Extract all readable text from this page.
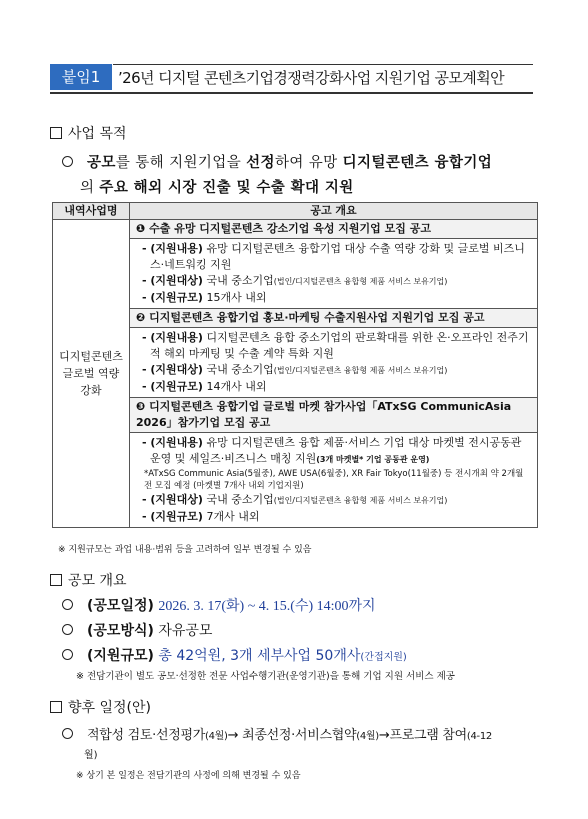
붙임1	’26년 디지털 콘텐츠기업경쟁력강화사업 지원기업 공모계획안
사업 목적
공모를 통해 지원기업을 선정하여 유망 디지털콘텐츠 융합기업
의 주요 해외 시장 진출 및 수출 확대 지원
내역사업명	공고 개요
디지털콘텐츠
글로벌 역량
강화	❶ 수출 유망 디지털콘텐츠 강소기업 육성 지원기업 모집 공고

	- (지원내용) 유망 디지털콘텐츠 융합기업 대상 수출 역량 강화 및 글로벌 비즈니스·네트워킹 지원
- (지원대상) 국내 중소기업(법인/디지털콘텐츠 융합형 제품 서비스 보유기업)
- (지원규모) 15개사 내외

	❷ 디지털콘텐츠 융합기업 홍보·마케팅 수출지원사업 지원기업 모집 공고

	- (지원내용) 디지털콘텐츠 융합 중소기업의 판로확대를 위한 온·오프라인 전주기적 해외 마케팅 및 수출 계약 특화 지원
- (지원대상) 국내 중소기업(법인/디지털콘텐츠 융합형 제품 서비스 보유기업)
- (지원규모) 14개사 내외

	❸ 디지털콘텐츠 융합기업 글로벌 마켓 참가사업「ATxSG CommunicAsia 2026」참가기업 모집 공고

	- (지원내용) 유망 디지털콘텐츠 융합 제품·서비스 기업 대상 마켓별 전시공동관 운영 및 세일즈·비즈니스 매칭 지원(3개 마켓별* 기업 공동관 운영)
*ATxSG Communic Asia(5월중), AWE USA(6월중), XR Fair Tokyo(11월중) 등 전시개최 약 2개월전 모집 예정 (마켓별 7개사 내외 기업지원)
- (지원대상) 국내 중소기업(법인/디지털콘텐츠 융합형 제품 서비스 보유기업)
- (지원규모) 7개사 내외
※ 지원규모는 과업 내용·범위 등을 고려하여 일부 변경될 수 있음
공모 개요
(공모일정) 2026. 3. 17(화) ~ 4. 15.(수) 14:00까지
(공모방식) 자유공모
(지원규모) 총 42억원, 3개 세부사업 50개사(간접지원)
※ 전담기관이 별도 공모·선정한 전문 사업수행기관(운영기관)을 통해 기업 지원 서비스 제공
향후 일정(안)
적합성 검토·선정평가(4월)→ 최종선정·서비스협약(4월)→프로그램 참여(4-12
월)
※ 상기 본 일정은 전담기관의 사정에 의해 변경될 수 있음
